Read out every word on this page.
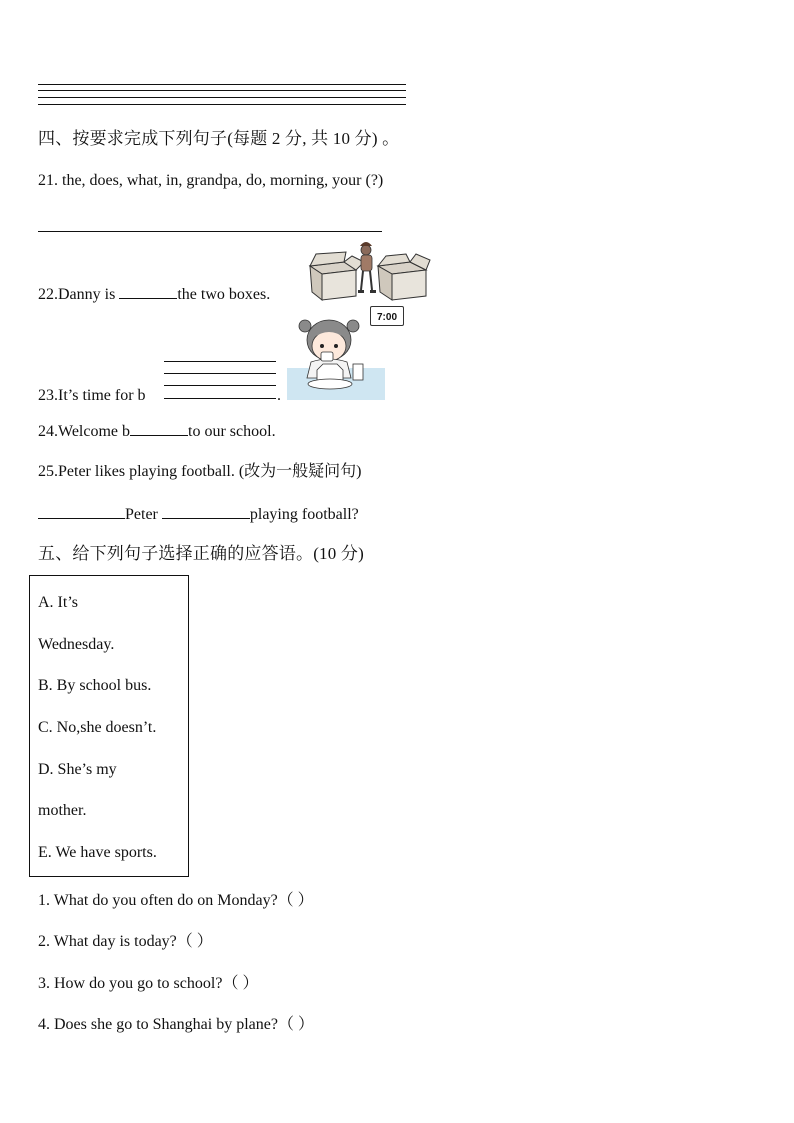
四、按要求完成下列句子(每题 2 分, 共 10 分) 。
21. the, does, what, in, grandpa, do, morning, your (?)
22.Danny is	the two boxes.
7:00
23.It’s time for b	.
24.Welcome b	to our school.
25.Peter likes playing football. (改为一般疑问句)
Peter	playing football?
五、给下列句子选择正确的应答语。(10 分)
A. It’s
Wednesday.
B. By school bus.
C. No,she doesn’t.
D. She’s my
mother.
E. We have sports.
1. What do you often do on Monday?（ ）
2. What day is today?（ ）
3. How do you go to school?（ ）
4. Does she go to Shanghai by plane?（ ）
